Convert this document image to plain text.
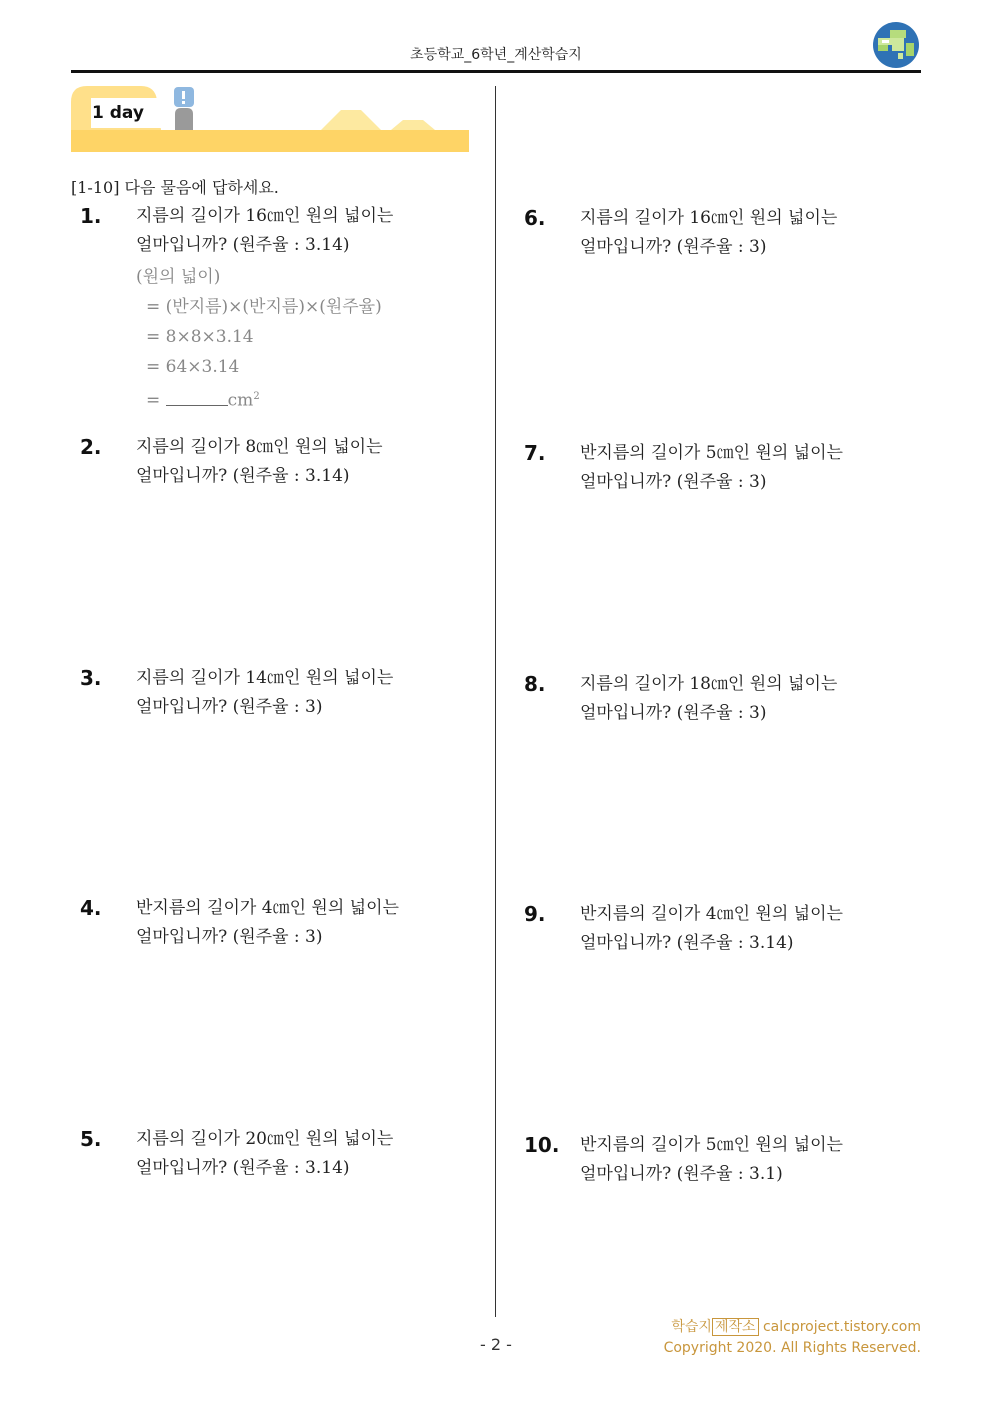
초등학교_6학년_계산학습지
1 day
[1-10] 다음 물음에 답하세요.
1. 지름의 길이가 16㎝인 원의 넓이는
얼마입니까? (원주율 : 3.14)
(원의 넓이)
= (반지름)×(반지름)×(원주율)
= 8×8×3.14
= 64×3.14
=	$cm^2$
2. 지름의 길이가 8㎝인 원의 넓이는
얼마입니까? (원주율 : 3.14)
3. 지름의 길이가 14㎝인 원의 넓이는
얼마입니까? (원주율 : 3)
4. 반지름의 길이가 4㎝인 원의 넓이는
얼마입니까? (원주율 : 3)
5. 지름의 길이가 20㎝인 원의 넓이는
얼마입니까? (원주율 : 3.14)
6. 지름의 길이가 16㎝인 원의 넓이는
얼마입니까? (원주율 : 3)
7. 반지름의 길이가 5㎝인 원의 넓이는
얼마입니까? (원주율 : 3)
8. 지름의 길이가 18㎝인 원의 넓이는
얼마입니까? (원주율 : 3)
9. 반지름의 길이가 4㎝인 원의 넓이는
얼마입니까? (원주율 : 3.14)
10. 반지름의 길이가 5㎝인 원의 넓이는
얼마입니까? (원주율 : 3.1)
- 2 -
학습지 제작소 calcproject.tistory.com
Copyright 2020. All Rights Reserved.
